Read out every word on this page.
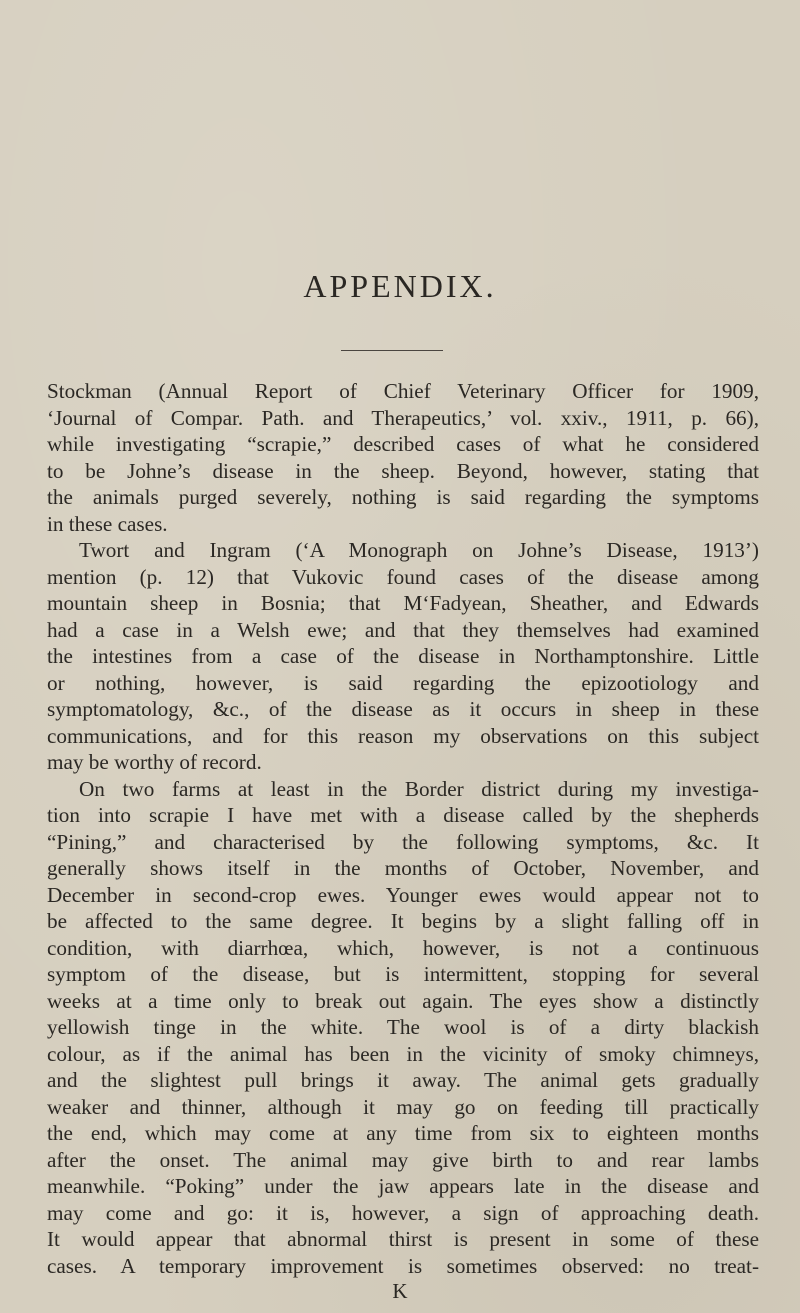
APPENDIX.
Stockman (Annual Report of Chief Veterinary Officer for 1909,
‘Journal of Compar. Path. and Therapeutics,’ vol. xxiv., 1911, p. 66),
while investigating “scrapie,” described cases of what he considered
to be Johne’s disease in the sheep. Beyond, however, stating that
the animals purged severely, nothing is said regarding the symptoms
in these cases.
Twort and Ingram (‘A Monograph on Johne’s Disease, 1913’)
mention (p. 12) that Vukovic found cases of the disease among
mountain sheep in Bosnia; that M‘Fadyean, Sheather, and Edwards
had a case in a Welsh ewe; and that they themselves had examined
the intestines from a case of the disease in Northamptonshire. Little
or nothing, however, is said regarding the epizootiology and
symptomatology, &c., of the disease as it occurs in sheep in these
communications, and for this reason my observations on this subject
may be worthy of record.
On two farms at least in the Border district during my investiga-
tion into scrapie I have met with a disease called by the shepherds
“Pining,” and characterised by the following symptoms, &c. It
generally shows itself in the months of October, November, and
December in second-crop ewes. Younger ewes would appear not to
be affected to the same degree. It begins by a slight falling off in
condition, with diarrhœa, which, however, is not a continuous
symptom of the disease, but is intermittent, stopping for several
weeks at a time only to break out again. The eyes show a distinctly
yellowish tinge in the white. The wool is of a dirty blackish
colour, as if the animal has been in the vicinity of smoky chimneys,
and the slightest pull brings it away. The animal gets gradually
weaker and thinner, although it may go on feeding till practically
the end, which may come at any time from six to eighteen months
after the onset. The animal may give birth to and rear lambs
meanwhile. “Poking” under the jaw appears late in the disease and
may come and go: it is, however, a sign of approaching death.
It would appear that abnormal thirst is present in some of these
cases. A temporary improvement is sometimes observed: no treat-
K
